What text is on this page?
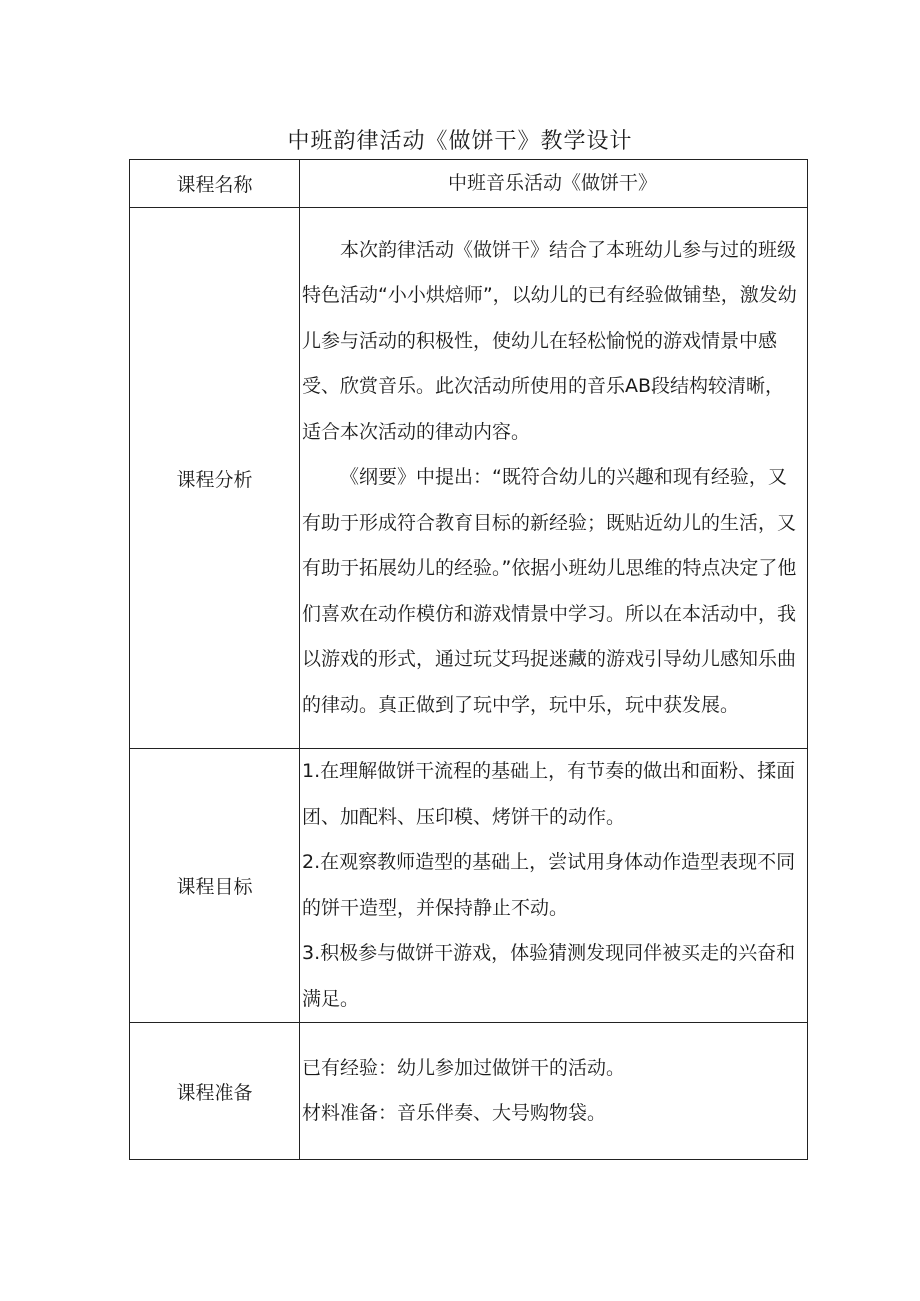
中班韵律活动《做饼干》教学设计
课程名称	中班音乐活动《做饼干》
课程分析	本次韵律活动《做饼干》结合了本班幼儿参与过的班级特色活动“小小烘焙师”，以幼儿的已有经验做铺垫，激发幼儿参与活动的积极性，使幼儿在轻松愉悦的游戏情景中感受、欣赏音乐。此次活动所使用的音乐AB段结构较清晰，适合本次活动的律动内容。

《纲要》中提出：“既符合幼儿的兴趣和现有经验，又有助于形成符合教育目标的新经验；既贴近幼儿的生活，又有助于拓展幼儿的经验。”依据小班幼儿思维的特点决定了他们喜欢在动作模仿和游戏情景中学习。所以在本活动中，我以游戏的形式，通过玩艾玛捉迷藏的游戏引导幼儿感知乐曲的律动。真正做到了玩中学，玩中乐，玩中获发展。

课程目标	1.在理解做饼干流程的基础上，有节奏的做出和面粉、揉面团、加配料、压印模、烤饼干的动作。

2.在观察教师造型的基础上，尝试用身体动作造型表现不同的饼干造型，并保持静止不动。

3.积极参与做饼干游戏，体验猜测发现同伴被买走的兴奋和满足。

课程准备	已有经验：幼儿参加过做饼干的活动。

材料准备：音乐伴奏、大号购物袋。
